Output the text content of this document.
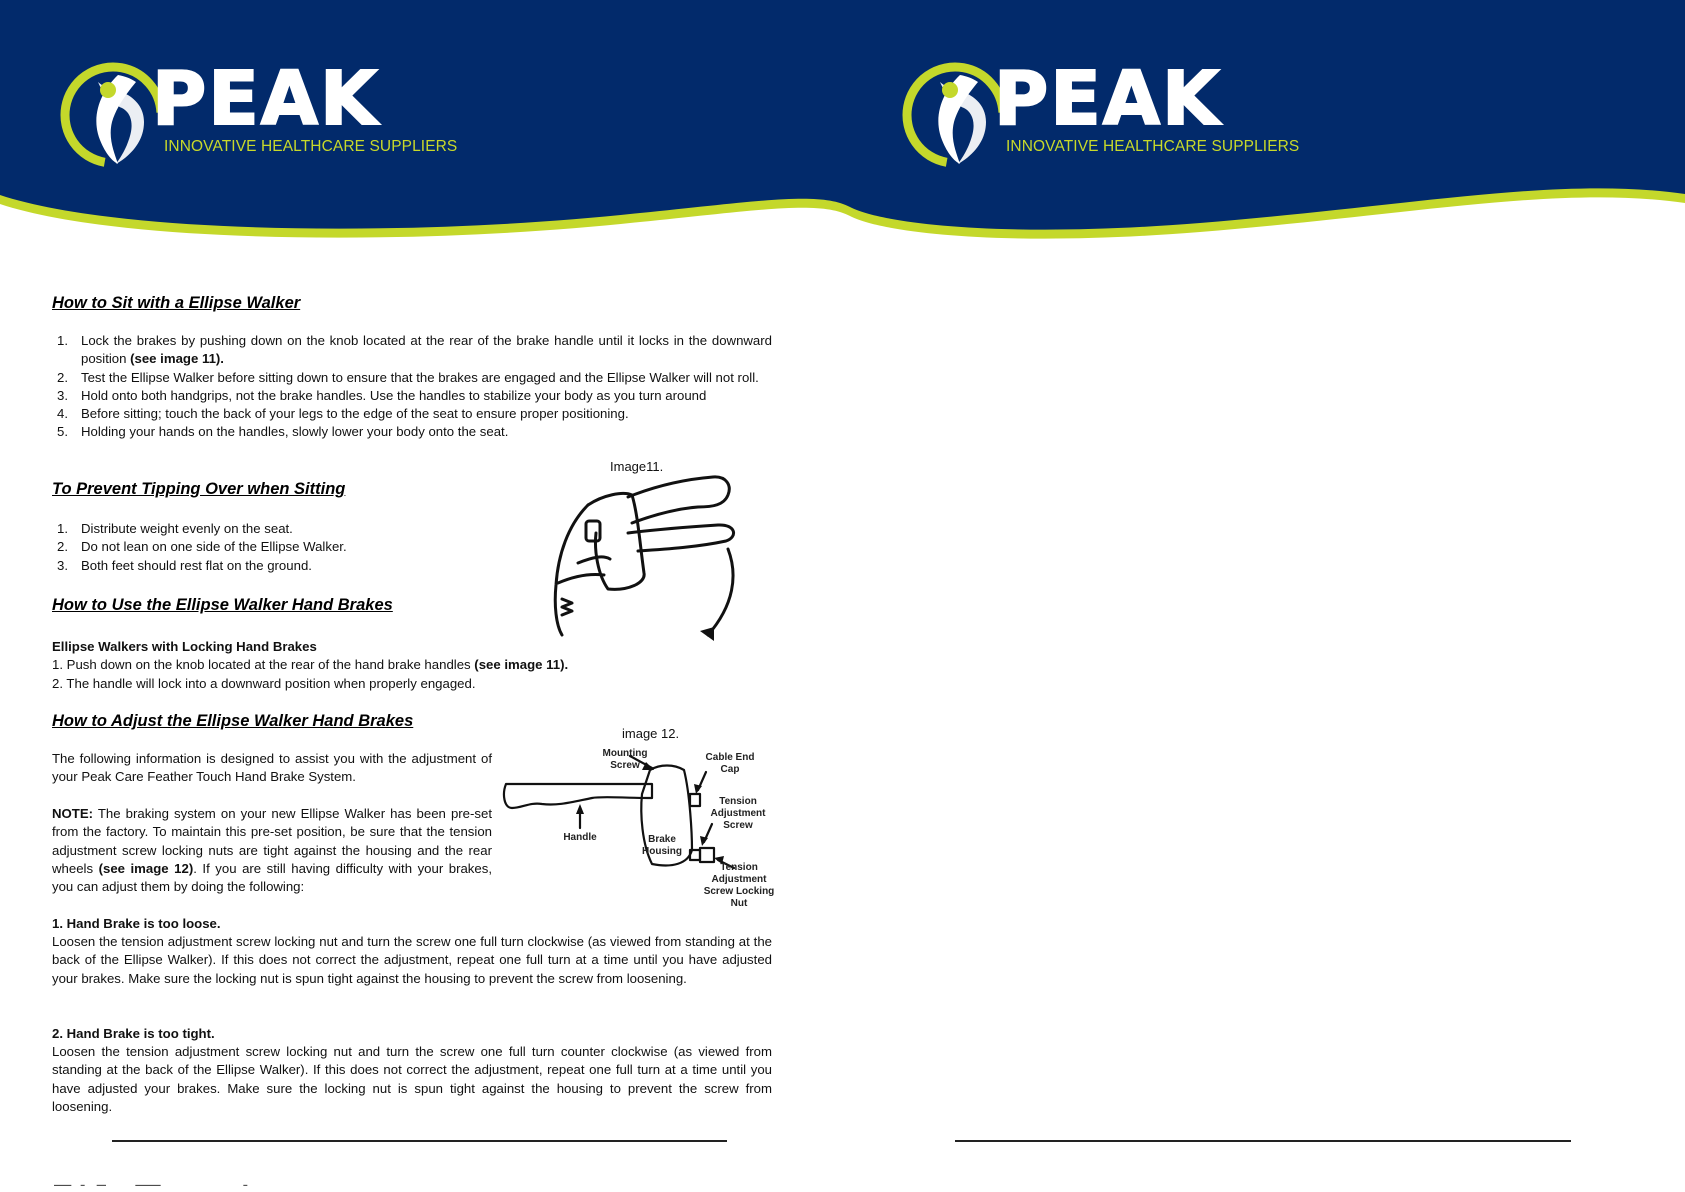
PEAK
INNOVATIVE HEALTHCARE SUPPLIERS
PEAK
INNOVATIVE HEALTHCARE SUPPLIERS
How to Sit with a Ellipse Walker
1. Lock the brakes by pushing down on the knob located at the rear of the brake handle until it locks in the downward position (see image 11).
2. Test the Ellipse Walker before sitting down to ensure that the brakes are engaged and the Ellipse Walker will not roll.
3. Hold onto both handgrips, not the brake handles. Use the handles to stabilize your body as you turn around
4. Before sitting; touch the back of your legs to the edge of the seat to ensure proper positioning.
5. Holding your hands on the handles, slowly lower your body onto the seat.
To Prevent Tipping Over when Sitting
1. Distribute weight evenly on the seat.
2. Do not lean on one side of the Ellipse Walker.
3. Both feet should rest flat on the ground.
How to Use the Ellipse Walker Hand Brakes
Ellipse Walkers with Locking Hand Brakes
1. Push down on the knob located at the rear of the hand brake handles (see image 11).
2. The handle will lock into a downward position when properly engaged.
How to Adjust the Ellipse Walker Hand Brakes
The following information is designed to assist you with the adjustment of your Peak Care Feather Touch Hand Brake System.
NOTE: The braking system on your new Ellipse Walker has been pre-set from the factory. To maintain this pre-set position, be sure that the tension adjustment screw locking nuts are tight against the housing and the rear wheels (see image 12). If you are still having difficulty with your brakes, you can adjust them by doing the following:
1. Hand Brake is too loose.
Loosen the tension adjustment screw locking nut and turn the screw one full turn clockwise (as viewed from standing at the back of the Ellipse Walker). If this does not correct the adjustment, repeat one full turn at a time until you have adjusted your brakes. Make sure the locking nut is spun tight against the housing to prevent the screw from loosening.
2. Hand Brake is too tight.
Loosen the tension adjustment screw locking nut and turn the screw one full turn counter clockwise (as viewed from standing at the back of the Ellipse Walker). If this does not correct the adjustment, repeat one full turn at a time until you have adjusted your brakes. Make sure the locking nut is spun tight against the housing to prevent the screw from loosening.
Image11.
image 12.
Mounting
Screw
Cable End
Cap
Tension
Adjustment
Screw
Handle	Brake
Housing
Tension
Adjustment
Screw Locking
Nut
